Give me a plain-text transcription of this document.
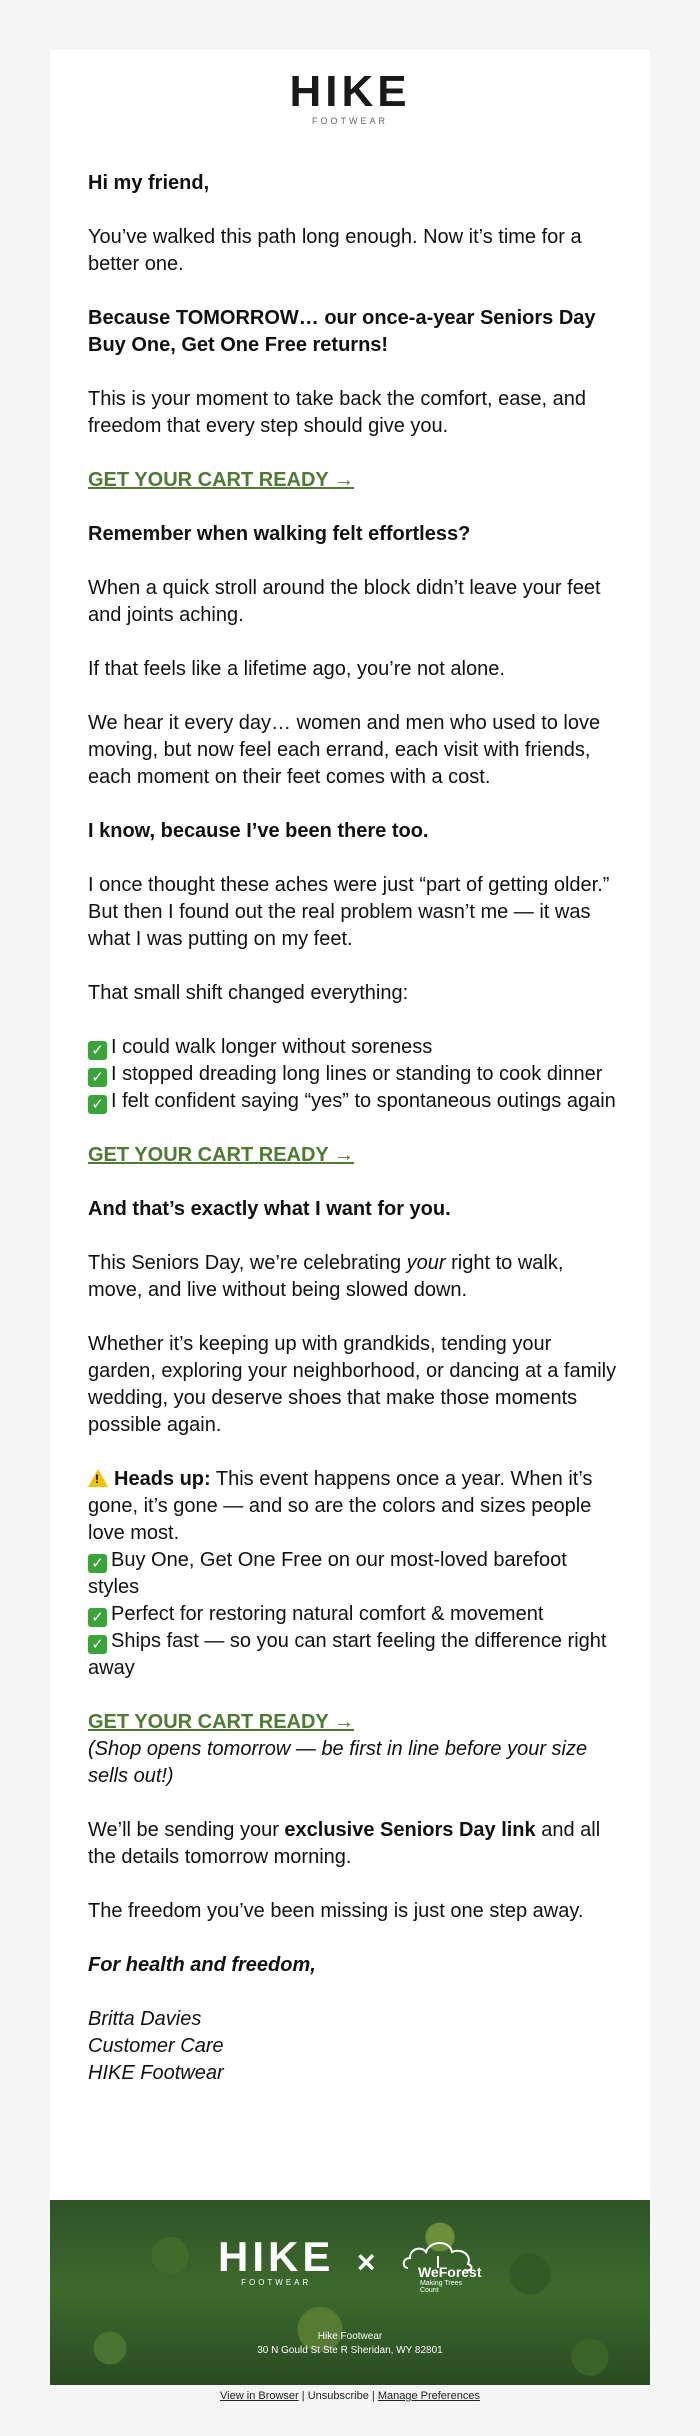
HIKE
FOOTWEAR

Hi my friend,

You’ve walked this path long enough. Now it’s time for a better one.

Because TOMORROW… our once-a-year Seniors Day Buy One, Get One Free returns!

This is your moment to take back the comfort, ease, and freedom that every step should give you.

GET YOUR CART READY →

Remember when walking felt effortless?

When a quick stroll around the block didn’t leave your feet and joints aching.

If that feels like a lifetime ago, you’re not alone.

We hear it every day… women and men who used to love moving, but now feel each errand, each visit with friends, each moment on their feet comes with a cost.

I know, because I’ve been there too.

I once thought these aches were just “part of getting older.” But then I found out the real problem wasn’t me — it was what I was putting on my feet.

That small shift changed everything:

✓ I could walk longer without soreness
✓ I stopped dreading long lines or standing to cook dinner
✓ I felt confident saying “yes” to spontaneous outings again

GET YOUR CART READY →

And that’s exactly what I want for you.

This Seniors Day, we’re celebrating your right to walk, move, and live without being slowed down.

Whether it’s keeping up with grandkids, tending your garden, exploring your neighborhood, or dancing at a family wedding, you deserve shoes that make those moments possible again.

! Heads up: This event happens once a year. When it’s gone, it’s gone — and so are the colors and sizes people love most.
✓ Buy One, Get One Free on our most-loved barefoot styles
✓ Perfect for restoring natural comfort & movement
✓ Ships fast — so you can start feeling the difference right away

GET YOUR CART READY →
(Shop opens tomorrow — be first in line before your size sells out!)

We’ll be sending your exclusive Seniors Day link and all the details tomorrow morning.

The freedom you’ve been missing is just one step away.

For health and freedom,

Britta Davies
Customer Care
HIKE Footwear

HIKE
FOOTWEAR
×	WeForest
Making Trees Count
Hike Footwear
30 N Gould St Ste R Sheridan, WY 82801
View in Browser | Unsubscribe | Manage Preferences
